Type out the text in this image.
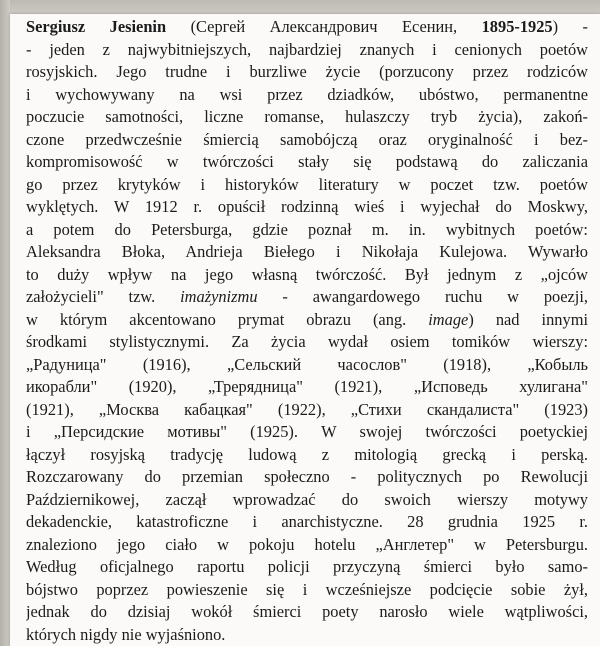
Sergiusz Jesienin (Сергей Александрович Есенин, 1895-1925) -
- jeden z najwybitniejszych, najbardziej znanych i cenionych poetów
rosyjskich. Jego trudne i burzliwe życie (porzucony przez rodziców
i wychowywany na wsi przez dziadków, ubóstwo, permanentne
poczucie samotności, liczne romanse, hulaszczy tryb życia), zakoń-
czone przedwcześnie śmiercią samobójczą oraz oryginalność i bez-
kompromisowość w twórczości stały się podstawą do zaliczania
go przez krytyków i historyków literatury w poczet tzw. poetów
wyklętych. W 1912 r. opuścił rodzinną wieś i wyjechał do Moskwy,
a potem do Petersburga, gdzie poznał m. in. wybitnych poetów:
Aleksandra Błoka, Andrieja Biełego i Nikołaja Kulejowa. Wywarło
to duży wpływ na jego własną twórczość. Był jednym z „ojców
założycieli" tzw. imażynizmu - awangardowego ruchu w poezji,
w którym akcentowano prymat obrazu (ang. image) nad innymi
środkami stylistycznymi. Za życia wydał osiem tomików wierszy:
„Радуница" (1916), „Сельский часослов" (1918), „Кобыль
икорабли" (1920), „Трерядница" (1921), „Исповедь хулигана"
(1921), „Москва кабацкая" (1922), „Стихи скандалиста" (1923)
i „Персидские мотивы" (1925). W swojej twórczości poetyckiej
łączył rosyjską tradycję ludową z mitologią grecką i perską.
Rozczarowany do przemian społeczno - politycznych po Rewolucji
Październikowej, zaczął wprowadzać do swoich wierszy motywy
dekadenckie, katastroficzne i anarchistyczne. 28 grudnia 1925 r.
znaleziono jego ciało w pokoju hotelu „Англетер" w Petersburgu.
Według oficjalnego raportu policji przyczyną śmierci było samo-
bójstwo poprzez powieszenie się i wcześniejsze podcięcie sobie żył,
jednak do dzisiaj wokół śmierci poety narosło wiele wątpliwości,
których nigdy nie wyjaśniono.
